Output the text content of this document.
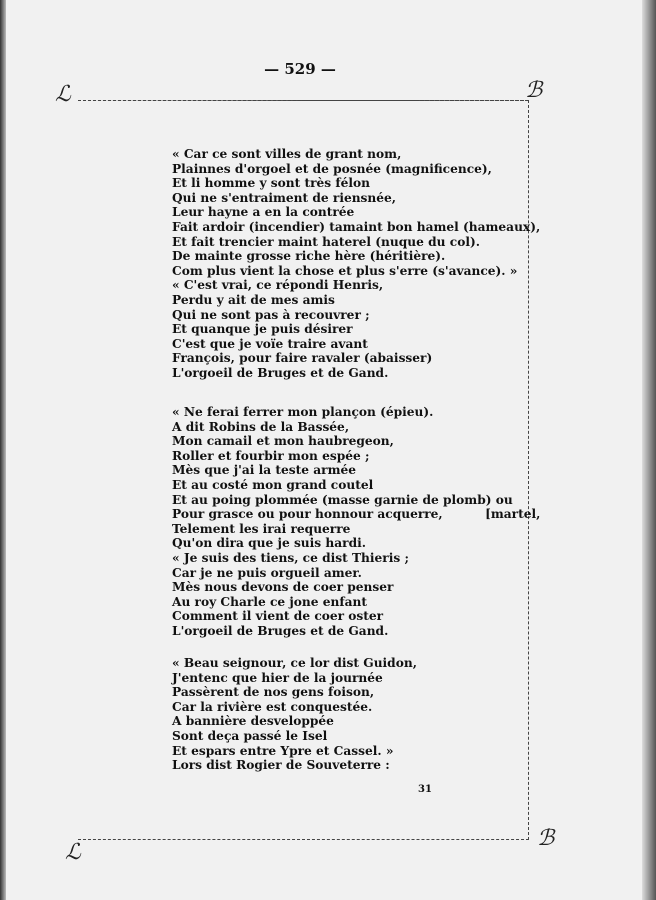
— 529 —
ℒ	ℬ
ℒ
ℬ
« Car ce sont villes de grant nom,
Plainnes d'orgoel et de posnée (magnificence),
Et li homme y sont très félon
Qui ne s'entraiment de riensnée,
Leur hayne a en la contrée
Fait ardoir (incendier) tamaint bon hamel (hameaux),
Et fait trencier maint haterel (nuque du col).
De mainte grosse riche hère (héritière).
Com plus vient la chose et plus s'erre (s'avance). »
« C'est vrai, ce répondi Henris,
Perdu y ait de mes amis
Qui ne sont pas à recouvrer ;
Et quanque je puis désirer
C'est que je voïe traire avant
François, pour faire ravaler (abaisser)
L'orgoeil de Bruges et de Gand.
« Ne ferai ferrer mon plançon (épieu).
A dit Robins de la Bassée,
Mon camail et mon haubregeon,
Roller et fourbir mon espée ;
Mès que j'ai la teste armée
Et au costé mon grand coutel
Et au poing plommée (masse garnie de plomb) ou
Pour grasce ou pour honnour acquerre,          [martel,
Telement les irai requerre
Qu'on dira que je suis hardi.
« Je suis des tiens, ce dist Thieris ;
Car je ne puis orgueil amer.
Mès nous devons de coer penser
Au roy Charle ce jone enfant
Comment il vient de coer oster
L'orgoeil de Bruges et de Gand.
« Beau seignour, ce lor dist Guidon,
J'entenc que hier de la journée
Passèrent de nos gens foison,
Car la rivière est conquestée.
A bannière desveloppée
Sont deça passé le Isel
Et espars entre Ypre et Cassel. »
Lors dist Rogier de Souveterre :
31
